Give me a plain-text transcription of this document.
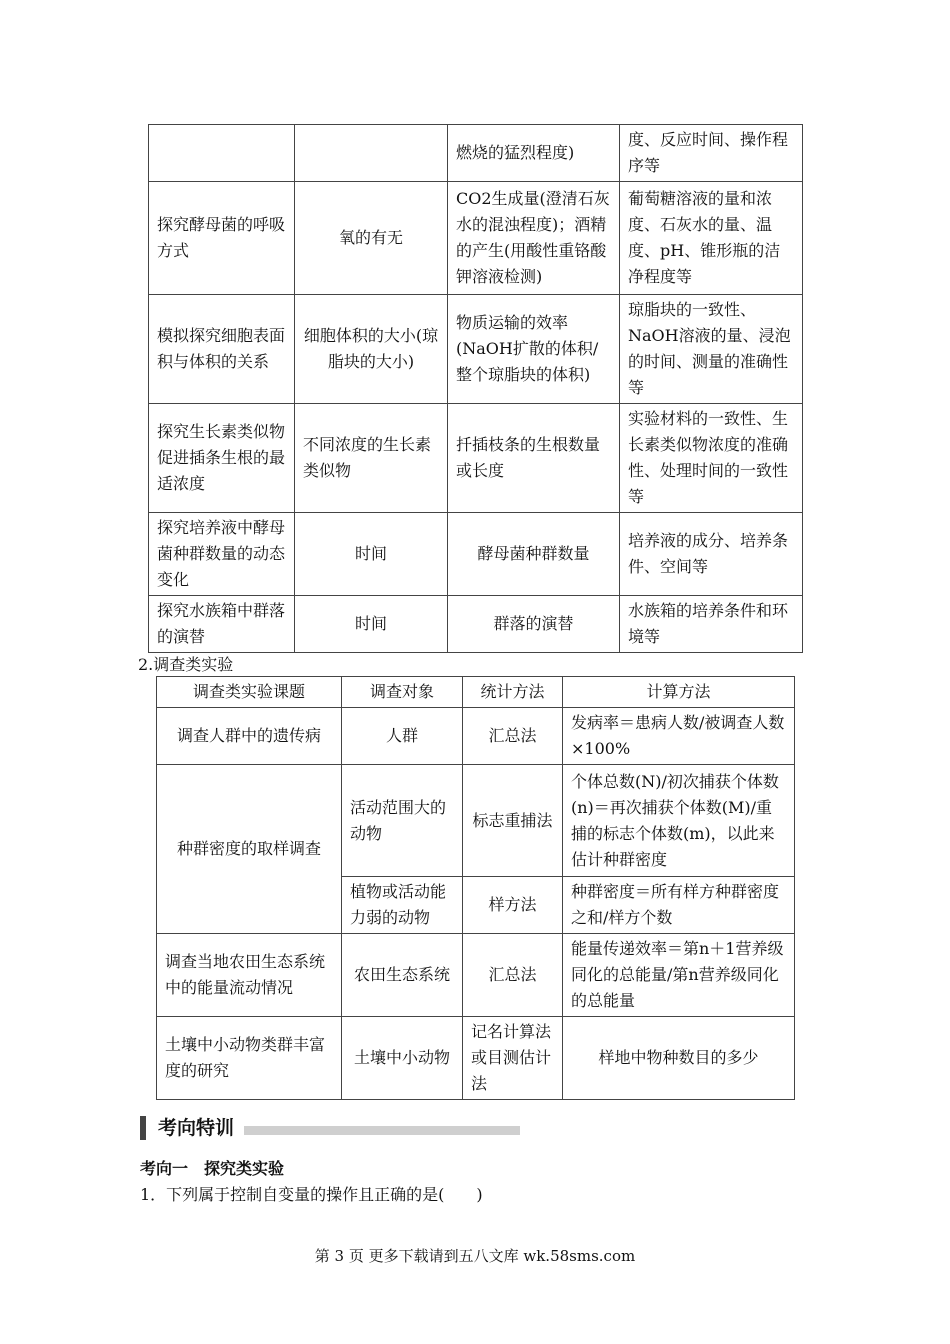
		燃烧的猛烈程度)	度、反应时间、操作程序等
探究酵母菌的呼吸方式	氧的有无	CO2生成量(澄清石灰水的混浊程度)；酒精的产生(用酸性重铬酸钾溶液检测)	葡萄糖溶液的量和浓度、石灰水的量、温度、pH、锥形瓶的洁净程度等
模拟探究细胞表面积与体积的关系	细胞体积的大小(琼脂块的大小)	物质运输的效率(NaOH扩散的体积/整个琼脂块的体积)	琼脂块的一致性、NaOH溶液的量、浸泡的时间、测量的准确性等
探究生长素类似物促进插条生根的最适浓度	不同浓度的生长素类似物	扦插枝条的生根数量或长度	实验材料的一致性、生长素类似物浓度的准确性、处理时间的一致性等
探究培养液中酵母菌种群数量的动态变化	时间	酵母菌种群数量	培养液的成分、培养条件、空间等
探究水族箱中群落的演替	时间	群落的演替	水族箱的培养条件和环境等
2.调查类实验
调查类实验课题	调查对象	统计方法	计算方法
调查人群中的遗传病	人群	汇总法	发病率＝患病人数/被调查人数×100%
种群密度的取样调查	活动范围大的动物	标志重捕法	个体总数(N)/初次捕获个体数(n)＝再次捕获个体数(M)/重捕的标志个体数(m)，以此来估计种群密度
	植物或活动能力弱的动物	样方法	种群密度＝所有样方种群密度之和/样方个数
调查当地农田生态系统中的能量流动情况	农田生态系统	汇总法	能量传递效率＝第n＋1营养级同化的总能量/第n营养级同化的总能量
土壤中小动物类群丰富度的研究	土壤中小动物	记名计算法或目测估计法	样地中物种数目的多少
考向特训
考向一　探究类实验
1．下列属于控制自变量的操作且正确的是(　　)
第 3 页 更多下载请到五八文库 wk.58sms.com
